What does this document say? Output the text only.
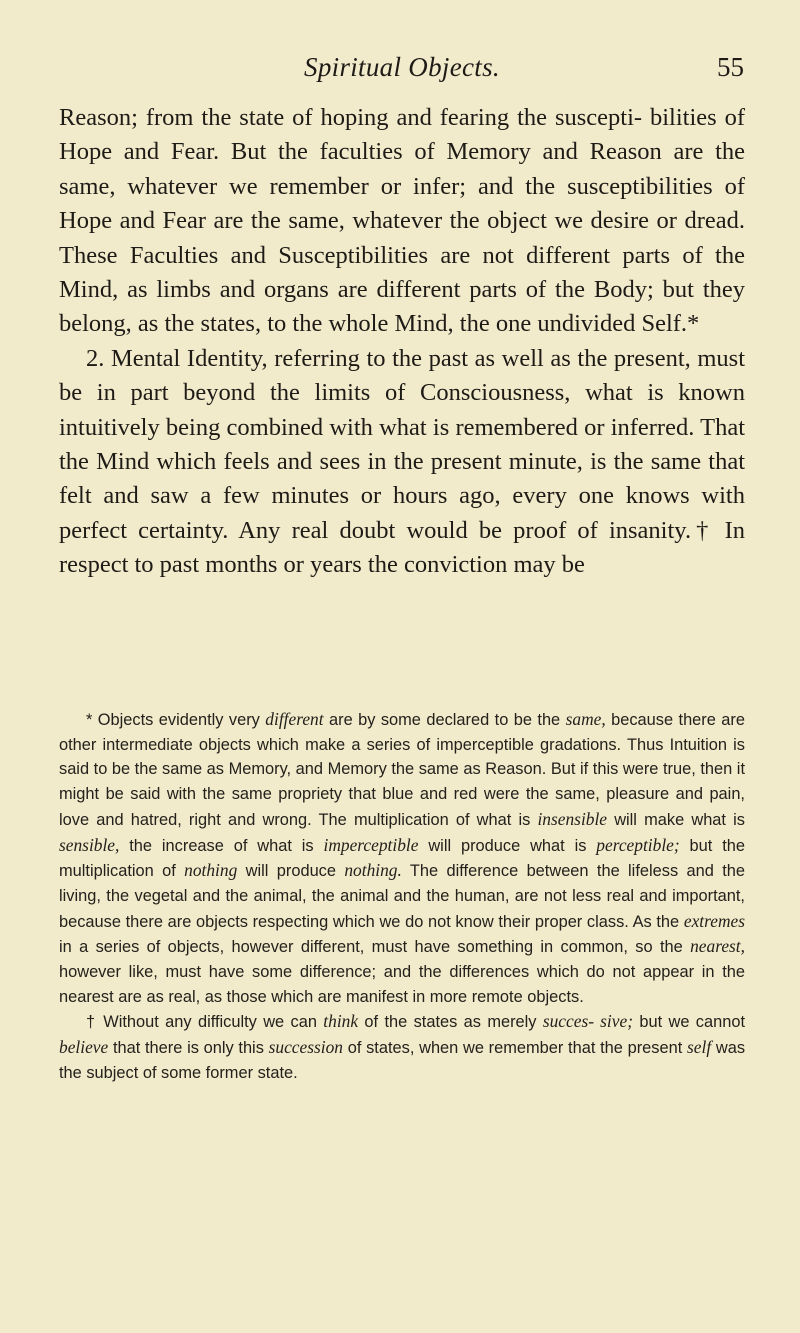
Spiritual Objects.	55

Reason; from the state of hoping and fearing the suscepti- bilities of Hope and Fear. But the faculties of Memory and Reason are the same, whatever we remember or infer; and the susceptibilities of Hope and Fear are the same, whatever the object we desire or dread. These Faculties and Susceptibilities are not different parts of the Mind, as limbs and organs are different parts of the Body; but they belong, as the states, to the whole Mind, the one undivided Self.*

2. Mental Identity, referring to the past as well as the present, must be in part beyond the limits of Consciousness, what is known intuitively being combined with what is remembered or inferred. That the Mind which feels and sees in the present minute, is the same that felt and saw a few minutes or hours ago, every one knows with perfect certainty. Any real doubt would be proof of insanity.† In respect to past months or years the conviction may be

* Objects evidently very different are by some declared to be the same, because there are other intermediate objects which make a series of imperceptible gradations. Thus Intuition is said to be the same as Memory, and Memory the same as Reason. But if this were true, then it might be said with the same propriety that blue and red were the same, pleasure and pain, love and hatred, right and wrong. The multiplication of what is insensible will make what is sensible, the increase of what is imperceptible will produce what is perceptible; but the multiplication of nothing will produce nothing. The difference between the lifeless and the living, the vegetal and the animal, the animal and the human, are not less real and important, because there are objects respecting which we do not know their proper class. As the extremes in a series of objects, however different, must have something in common, so the nearest, however like, must have some difference; and the differences which do not appear in the nearest are as real, as those which are manifest in more remote objects.

† Without any difficulty we can think of the states as merely succes- sive; but we cannot believe that there is only this succession of states, when we remember that the present self was the subject of some former state.
